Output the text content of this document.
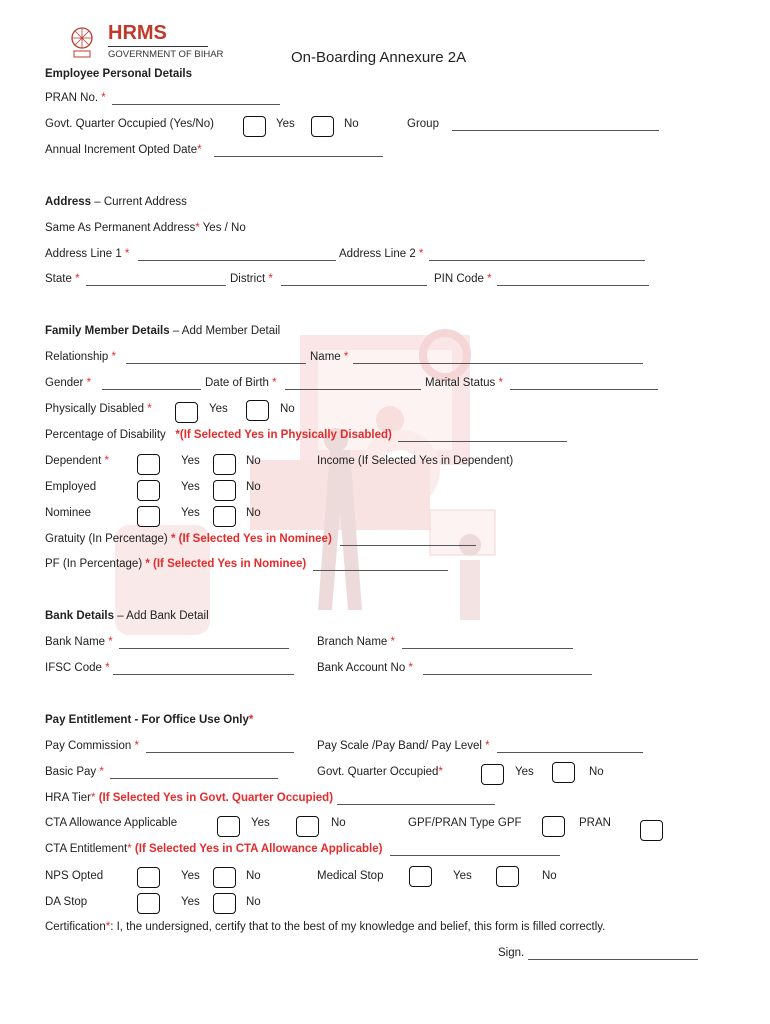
HRMS
GOVERNMENT OF BIHAR	On-Boarding Annexure 2A
Employee Personal Details
PRAN No. *
Govt. Quarter Occupied (Yes/No)	Yes	No	Group
Annual Increment Opted Date*
Address – Current Address
Same As Permanent Address* Yes / No
Address Line 1 *	Address Line 2 *
State *	District *	PIN Code *
Family Member Details – Add Member Detail
Relationship *	Name *
Gender *	Date of Birth *	Marital Status *
Physically Disabled *	Yes	No
Percentage of Disability *(If Selected Yes in Physically Disabled)
Dependent *	Yes	No	Income (If Selected Yes in Dependent)
Employed	Yes	No
Nominee	Yes	No
Gratuity (In Percentage) * (If Selected Yes in Nominee)
PF (In Percentage) * (If Selected Yes in Nominee)
Bank Details – Add Bank Detail
Bank Name *	Branch Name *
IFSC Code *	Bank Account No *
Pay Entitlement - For Office Use Only*
Pay Commission *	Pay Scale /Pay Band/ Pay Level *
Basic Pay *	Govt. Quarter Occupied*	Yes	No
HRA Tier* (If Selected Yes in Govt. Quarter Occupied)
CTA Allowance Applicable	Yes	No	GPF/PRAN Type GPF	PRAN
CTA Entitlement* (If Selected Yes in CTA Allowance Applicable)
NPS Opted	Yes	No	Medical Stop	Yes	No
DA Stop	Yes	No
Certification*: I, the undersigned, certify that to the best of my knowledge and belief, this form is filled correctly.
Sign.
